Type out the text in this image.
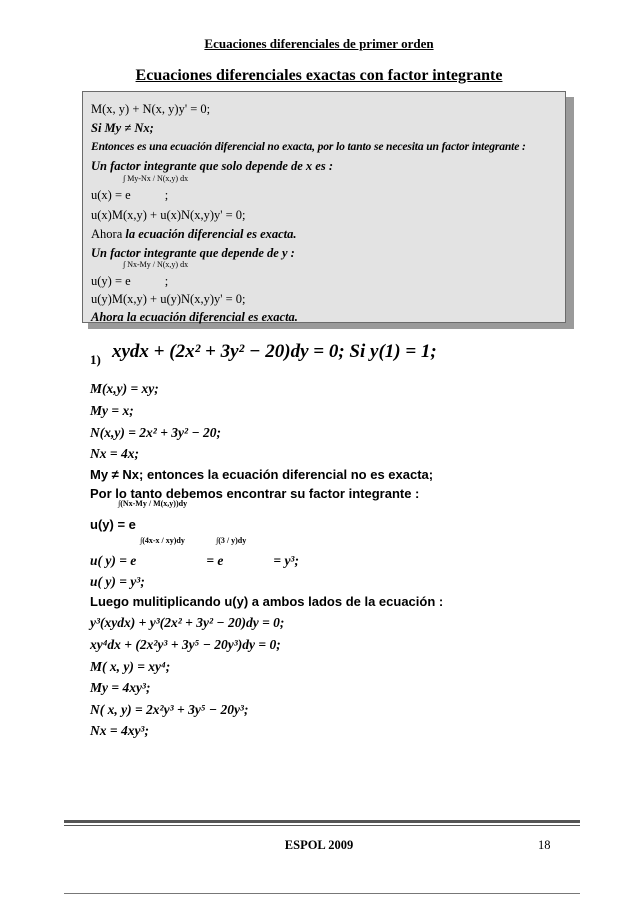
Ecuaciones diferenciales de primer orden
Ecuaciones diferenciales exactas con factor integrante
M(x, y) + N(x, y)y' = 0;
Si My ≠ Nx;
Entonces es una ecuación diferencial no exacta, por lo tanto se necesita un factor integrante :
Un factor integrante que solo depende de x es :
∫ My-Nx / N(x,y) dx
u(x) = e	;
u(x)M(x,y) + u(x)N(x,y)y' = 0;
Ahora la ecuación diferencial es exacta.
Un factor integrante que depende de y :
∫ Nx-My / N(x,y) dx
u(y) = e	;
u(y)M(x,y) + u(y)N(x,y)y' = 0;
Ahora la ecuación diferencial es exacta.
1) xydx + (2x² + 3y² − 20)dy = 0; Si y(1) = 1;
M(x,y) = xy;
My = x;
N(x,y) = 2x² + 3y² − 20;
Nx = 4x;
My ≠ Nx; entonces la ecuación diferencial no es exacta;
Por lo tanto debemos encontrar su factor integrante :
∫(Nx-My / M(x,y))dy
u(y) = e
∫(4x-x / xy)dy	∫(3 / y)dy
u( y) = e	= e	= y³;
u( y) = y³;
Luego mulitiplicando u(y) a ambos lados de la ecuación :
y³(xydx) + y³(2x² + 3y² − 20)dy = 0;
xy⁴dx + (2x²y³ + 3y⁵ − 20y³)dy = 0;
M( x, y) = xy⁴;
My = 4xy³;
N( x, y) = 2x²y³ + 3y⁵ − 20y³;
Nx = 4xy³;
ESPOL 2009	18
